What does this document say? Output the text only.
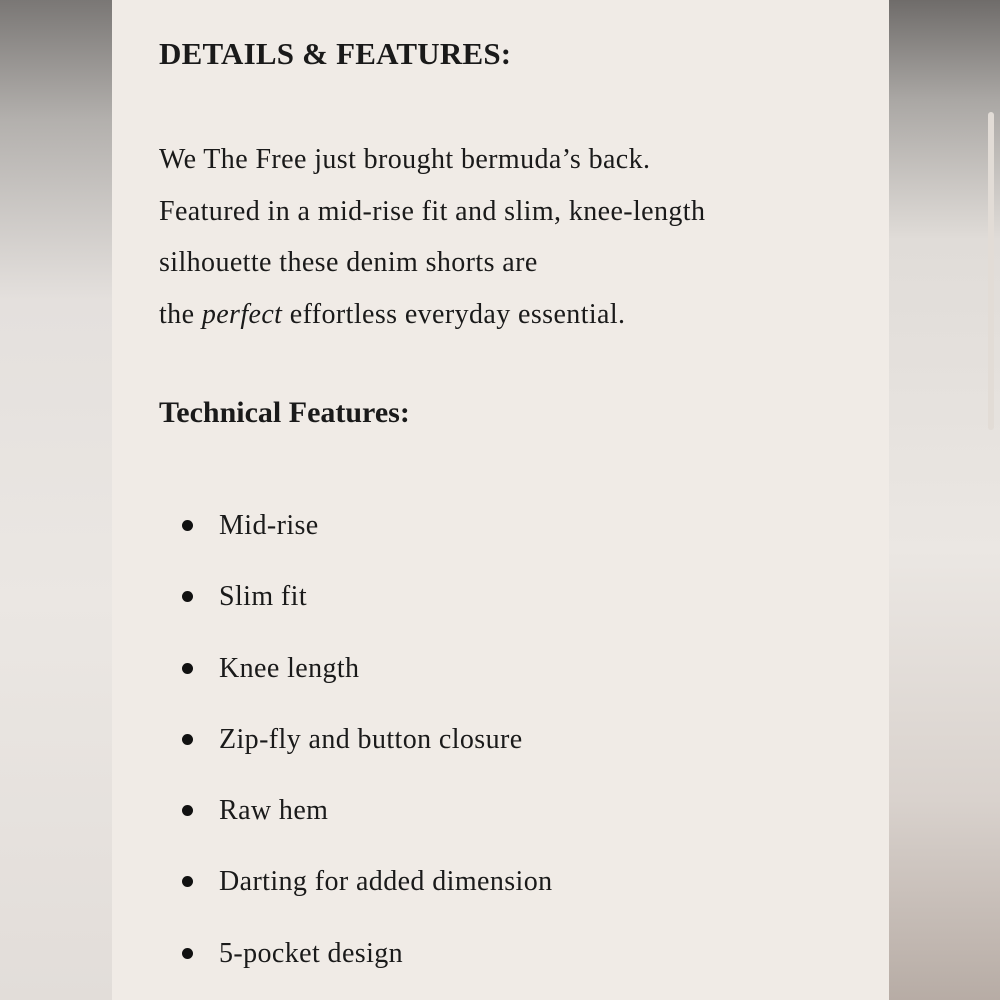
DETAILS & FEATURES:

We The Free just brought bermuda’s back.
Featured in a mid-rise fit and slim, knee-length
silhouette these denim shorts are
the perfect effortless everyday essential.

Technical Features:
Mid-rise
Slim fit
Knee length
Zip-fly and button closure
Raw hem
Darting for added dimension
5-pocket design
